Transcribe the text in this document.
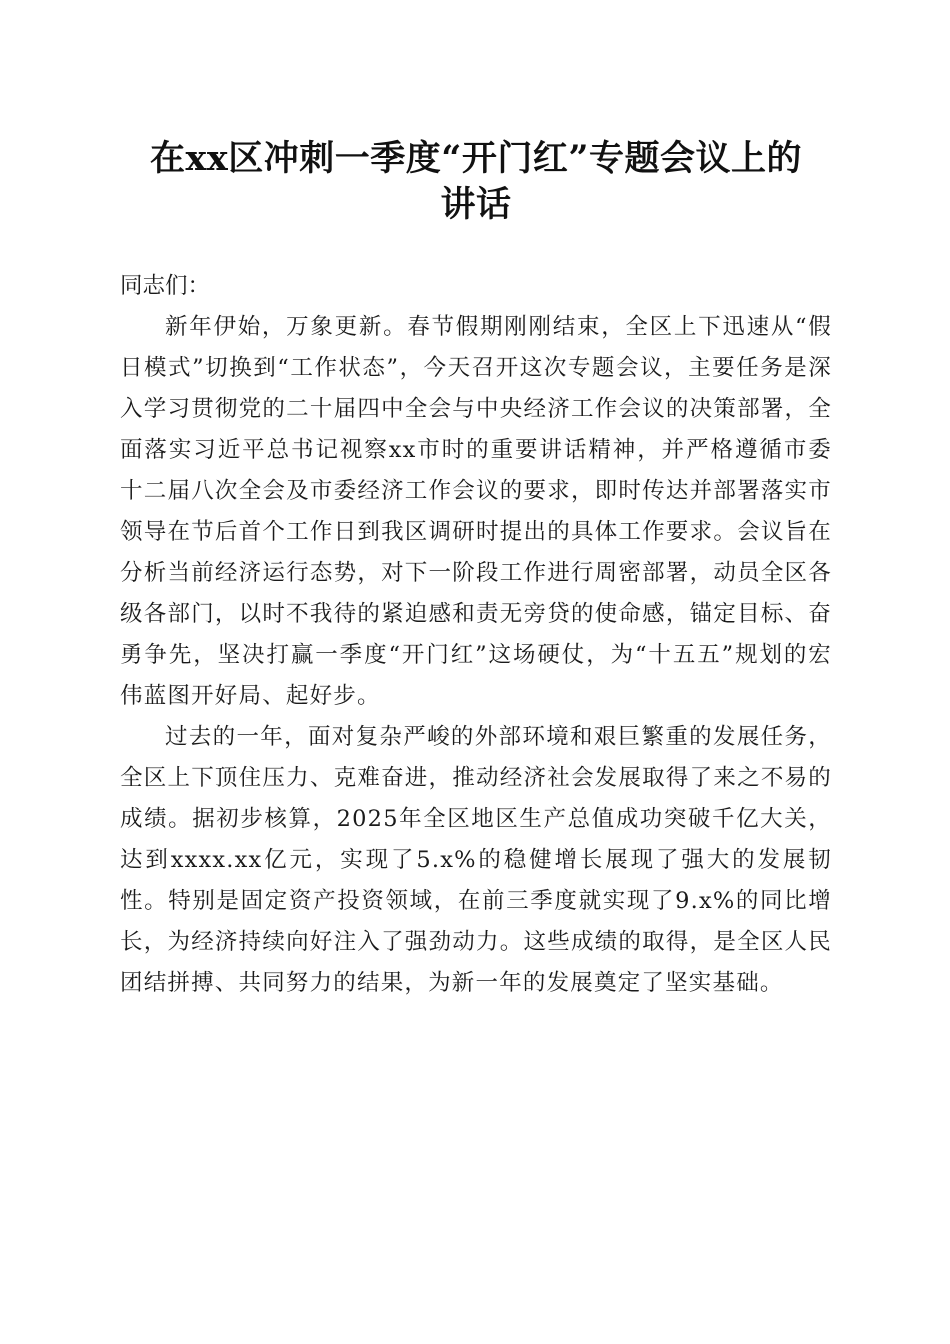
在xx区冲刺一季度“开门红”专题会议上的
讲话

同志们：

新年伊始，万象更新。春节假期刚刚结束，全区上下迅速从“假日模式”切换到“工作状态”，今天召开这次专题会议，主要任务是深入学习贯彻党的二十届四中全会与中央经济工作会议的决策部署，全面落实习近平总书记视察xx市时的重要讲话精神，并严格遵循市委十二届八次全会及市委经济工作会议的要求，即时传达并部署落实市领导在节后首个工作日到我区调研时提出的具体工作要求。会议旨在分析当前经济运行态势，对下一阶段工作进行周密部署，动员全区各级各部门，以时不我待的紧迫感和责无旁贷的使命感，锚定目标、奋勇争先，坚决打赢一季度“开门红”这场硬仗，为“十五五”规划的宏伟蓝图开好局、起好步。

过去的一年，面对复杂严峻的外部环境和艰巨繁重的发展任务，全区上下顶住压力、克难奋进，推动经济社会发展取得了来之不易的成绩。据初步核算，2025年全区地区生产总值成功突破千亿大关，达到xxxx.xx亿元，实现了5.x%的稳健增长展现了强大的发展韧性。特别是固定资产投资领域，在前三季度就实现了9.x%的同比增长，为经济持续向好注入了强劲动力。这些成绩的取得，是全区人民团结拼搏、共同努力的结果，为新一年的发展奠定了坚实基础。
